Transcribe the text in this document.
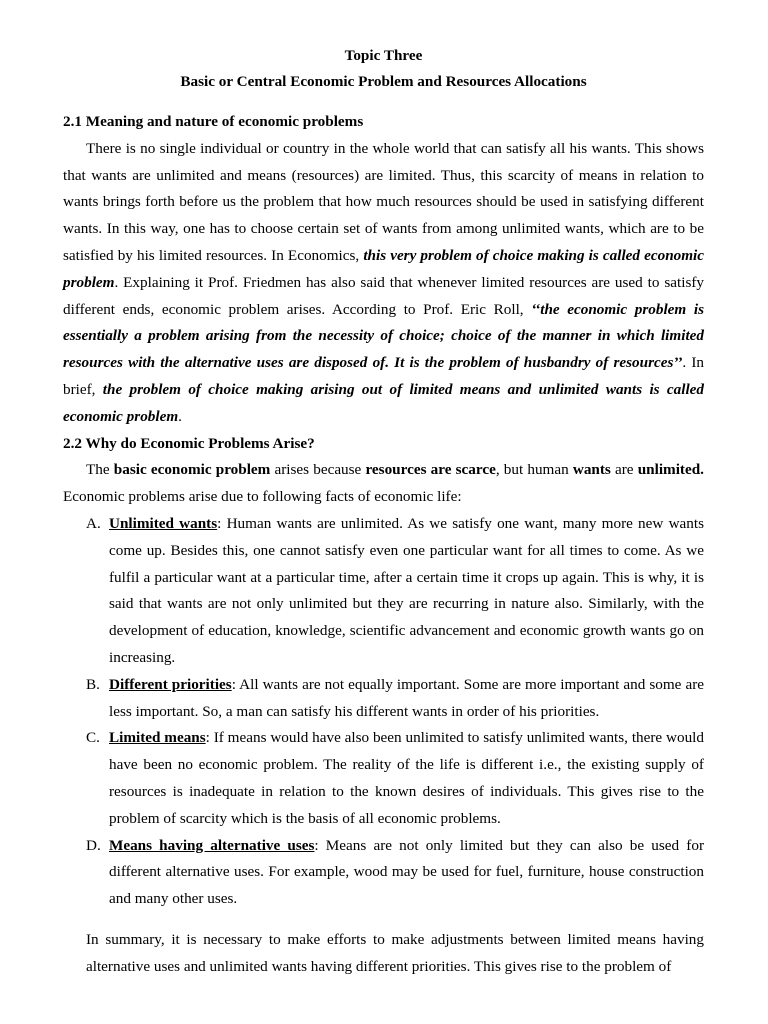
Topic Three

Basic or Central Economic Problem and Resources Allocations

2.1 Meaning and nature of economic problems

There is no single individual or country in the whole world that can satisfy all his wants. This shows that wants are unlimited and means (resources) are limited. Thus, this scarcity of means in relation to wants brings forth before us the problem that how much resources should be used in satisfying different wants. In this way, one has to choose certain set of wants from among unlimited wants, which are to be satisfied by his limited resources. In Economics, this very problem of choice making is called economic problem. Explaining it Prof. Friedmen has also said that whenever limited resources are used to satisfy different ends, economic problem arises. According to Prof. Eric Roll, ‘‘the economic problem is essentially a problem arising from the necessity of choice; choice of the manner in which limited resources with the alternative uses are disposed of. It is the problem of husbandry of resources’’. In brief, the problem of choice making arising out of limited means and unlimited wants is called economic problem.

2.2 Why do Economic Problems Arise?

The basic economic problem arises because resources are scarce, but human wants are unlimited. Economic problems arise due to following facts of economic life:

A. Unlimited wants: Human wants are unlimited. As we satisfy one want, many more new wants come up. Besides this, one cannot satisfy even one particular want for all times to come. As we fulfil a particular want at a particular time, after a certain time it crops up again. This is why, it is said that wants are not only unlimited but they are recurring in nature also. Similarly, with the development of education, knowledge, scientific advancement and economic growth wants go on increasing.
B. Different priorities: All wants are not equally important. Some are more important and some are less important. So, a man can satisfy his different wants in order of his priorities.
C. Limited means: If means would have also been unlimited to satisfy unlimited wants, there would have been no economic problem. The reality of the life is different i.e., the existing supply of resources is inadequate in relation to the known desires of individuals. This gives rise to the problem of scarcity which is the basis of all economic problems.
D. Means having alternative uses: Means are not only limited but they can also be used for different alternative uses. For example, wood may be used for fuel, furniture, house construction and many other uses.

In summary, it is necessary to make efforts to make adjustments between limited means having alternative uses and unlimited wants having different priorities. This gives rise to the problem of
